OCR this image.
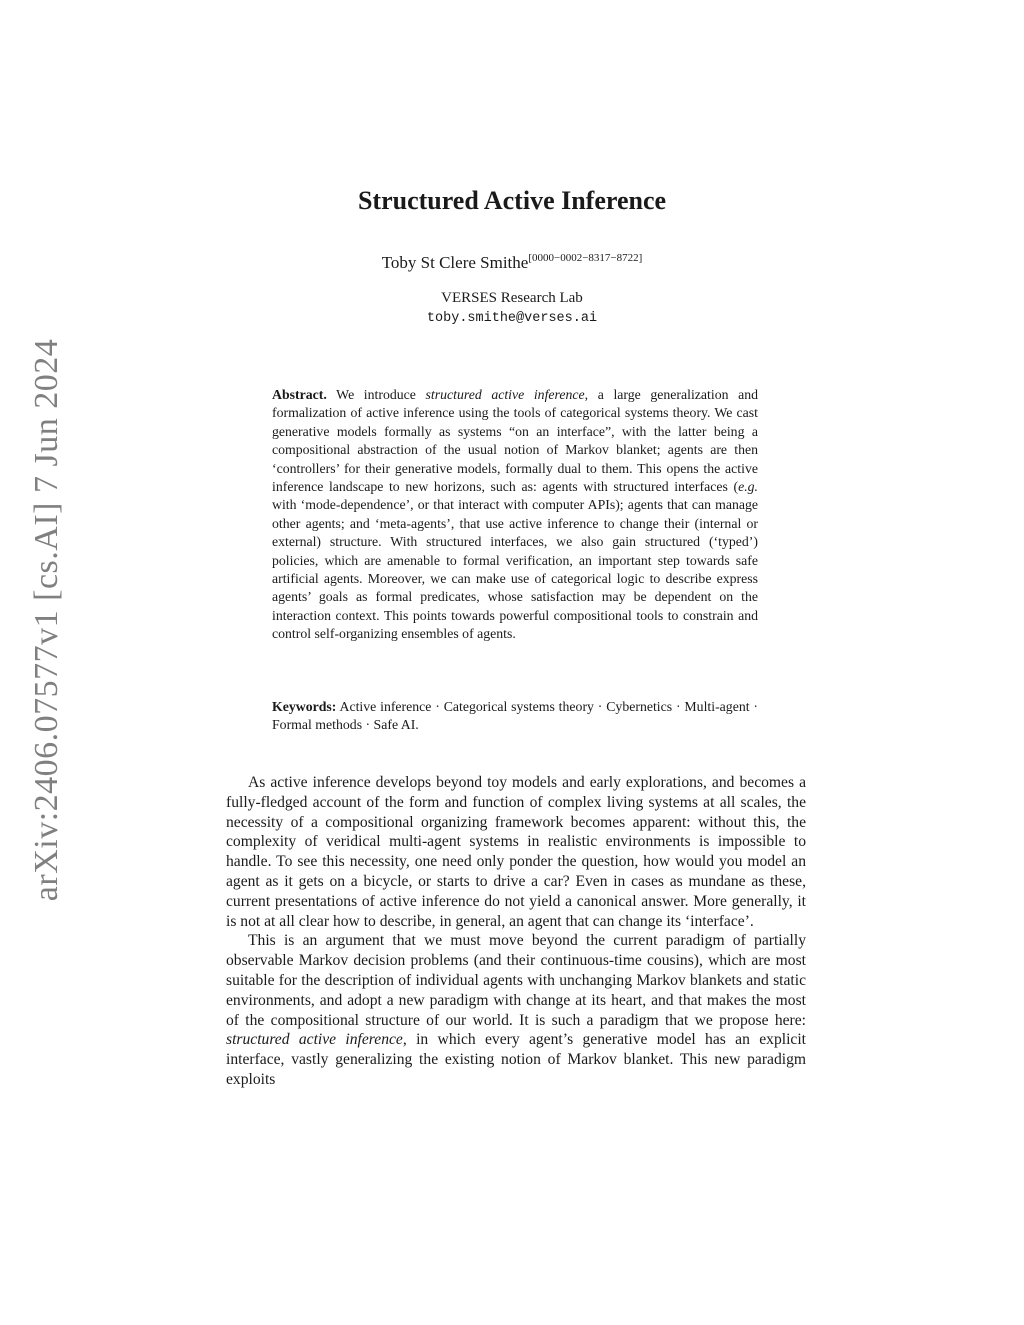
arXiv:2406.07577v1 [cs.AI] 7 Jun 2024
Structured Active Inference
Toby St Clere Smithe[0000−0002−8317−8722]
VERSES Research Lab
toby.smithe@verses.ai
Abstract. We introduce structured active inference, a large generalization and formalization of active inference using the tools of categorical systems theory. We cast generative models formally as systems “on an interface”, with the latter being a compositional abstraction of the usual notion of Markov blanket; agents are then ‘controllers’ for their generative models, formally dual to them. This opens the active inference landscape to new horizons, such as: agents with structured interfaces (e.g. with ‘mode-dependence’, or that interact with computer APIs); agents that can manage other agents; and ‘meta-agents’, that use active inference to change their (internal or external) structure. With structured interfaces, we also gain structured (‘typed’) policies, which are amenable to formal verification, an important step towards safe artificial agents. Moreover, we can make use of categorical logic to describe express agents’ goals as formal predicates, whose satisfaction may be dependent on the interaction context. This points towards powerful compositional tools to constrain and control self-organizing ensembles of agents.
Keywords: Active inference · Categorical systems theory · Cybernetics · Multi-agent · Formal methods · Safe AI.

As active inference develops beyond toy models and early explorations, and becomes a fully-fledged account of the form and function of complex living systems at all scales, the necessity of a compositional organizing framework becomes apparent: without this, the complexity of veridical multi-agent systems in realistic environments is impossible to handle. To see this necessity, one need only ponder the question, how would you model an agent as it gets on a bicycle, or starts to drive a car? Even in cases as mundane as these, current presentations of active inference do not yield a canonical answer. More generally, it is not at all clear how to describe, in general, an agent that can change its ‘interface’.

This is an argument that we must move beyond the current paradigm of partially observable Markov decision problems (and their continuous-time cousins), which are most suitable for the description of individual agents with unchanging Markov blankets and static environments, and adopt a new paradigm with change at its heart, and that makes the most of the compositional structure of our world. It is such a paradigm that we propose here: structured active inference, in which every agent’s generative model has an explicit interface, vastly generalizing the existing notion of Markov blanket. This new paradigm exploits
